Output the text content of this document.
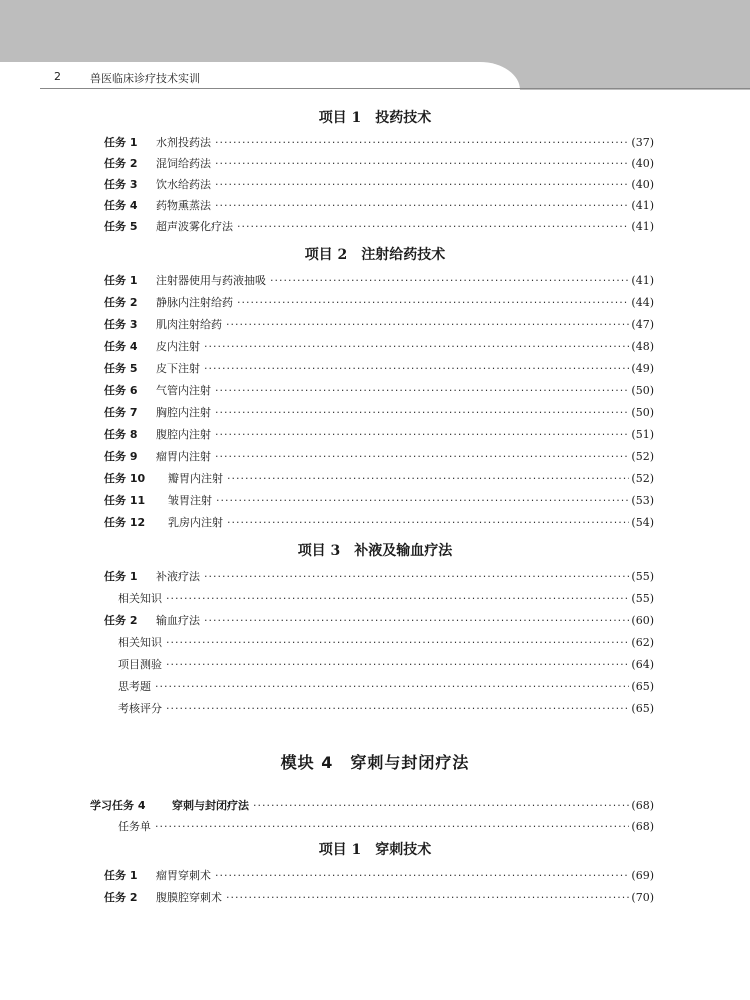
2	兽医临床诊疗技术实训
项目 1　投药技术
任务 1	水剂投药法 ·····	(37)
任务 2	混饲给药法 ·····	(40)
任务 3	饮水给药法 ·····	(40)
任务 4	药物熏蒸法 ·····	(41)
任务 5	超声波雾化疗法 ·····	(41)
项目 2　注射给药技术
任务 1	注射器使用与药液抽吸 ·····	(41)
任务 2	静脉内注射给药 ·····	(44)
任务 3	肌肉注射给药 ·····	(47)
任务 4	皮内注射 ·····	(48)
任务 5	皮下注射 ·····	(49)
任务 6	气管内注射 ·····	(50)
任务 7	胸腔内注射 ·····	(50)
任务 8	腹腔内注射 ·····	(51)
任务 9	瘤胃内注射 ·····	(52)
任务 10	瓣胃内注射 ·····	(52)
任务 11	皱胃注射 ·····	(53)
任务 12	乳房内注射 ·····	(54)
项目 3　补液及输血疗法
任务 1	补液疗法 ·····	(55)
相关知识 ·····	(55)
任务 2	输血疗法 ·····	(60)
相关知识 ·····	(62)
项目测验 ·····	(64)
思考题 ·····	(65)
考核评分 ·····	(65)
模块 4　穿刺与封闭疗法
学习任务 4	穿刺与封闭疗法 ·····	(68)
任务单 ·····	(68)
项目 1　穿刺技术
任务 1	瘤胃穿刺术 ·····	(69)
任务 2	腹膜腔穿刺术 ·····	(70)
